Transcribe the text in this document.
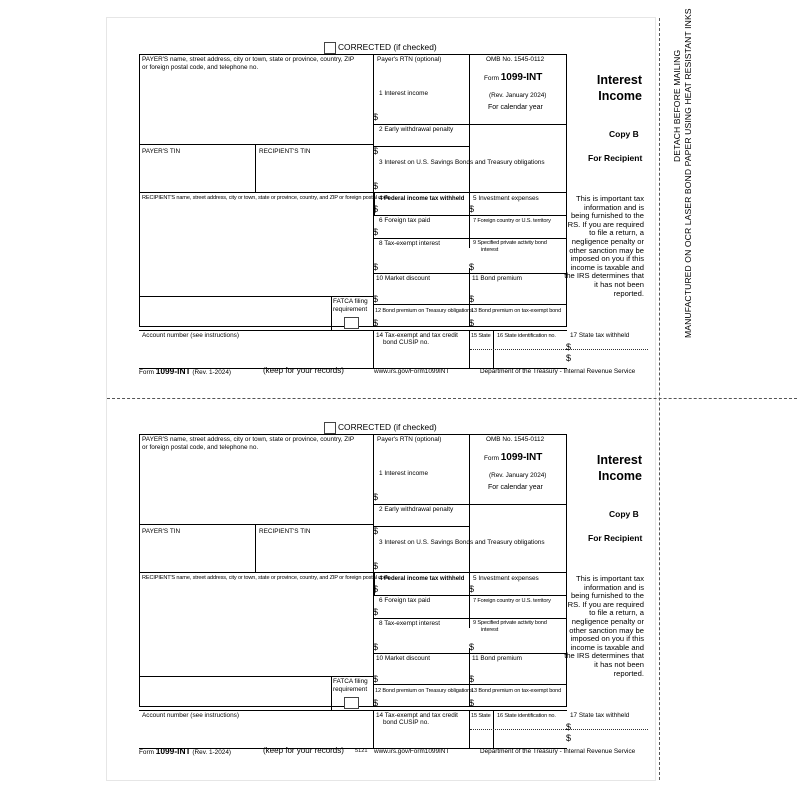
DETACH BEFORE MAILING MANUFACTURED ON OCR LASER BOND PAPER USING HEAT RESISTANT INKS
CORRECTED (if checked)
PAYER'S name, street address, city or town, state or province, country, ZIP
or foreign postal code, and telephone no.
Payer's RTN (optional)	OMB No. 1545-0112
Form 1099-INT
(Rev. January 2024)
For calendar year
Interest
Income
1 Interest income
$
2 Early withdrawal penalty
$
Copy B
For Recipient
PAYER'S TIN	RECIPIENT'S TIN
3 Interest on U.S. Savings Bonds and Treasury obligations
$
RECIPIENT'S name, street address, city or town, state or province, country, and ZIP or foreign postal code
4 Federal income tax withheld
$
5 Investment expenses
$
6 Foreign tax paid
$
7 Foreign country or U.S. territory
8 Tax-exempt interest
$
9 Specified private activity bond
interest
$
10 Market discount
$
11 Bond premium
$
FATCA filing
requirement 12 Bond premium on Treasury obligations
$
13 Bond premium on tax-exempt bond
$
Account number (see instructions)	14 Tax-exempt and tax credit
bond CUSIP no.
15 State 16 State identification no. 17 State tax withheld
$
$
This is important tax information and is being furnished to the IRS. If you are required to file a return, a negligence penalty or other sanction may be imposed on you if this income is taxable and the IRS determines that it has not been reported.
Form 1099-INT (Rev. 1-2024)	(keep for your records)	www.irs.gov/Form1099INT	Department of the Treasury - Internal Revenue Service
CORRECTED (if checked)
PAYER'S name, street address, city or town, state or province, country, ZIP
or foreign postal code, and telephone no.
Payer's RTN (optional)	OMB No. 1545-0112
Form 1099-INT
(Rev. January 2024)
For calendar year
Interest
Income
1 Interest income
$
2 Early withdrawal penalty
$
Copy B
For Recipient
PAYER'S TIN	RECIPIENT'S TIN
3 Interest on U.S. Savings Bonds and Treasury obligations
$
RECIPIENT'S name, street address, city or town, state or province, country, and ZIP or foreign postal code
4 Federal income tax withheld
$
5 Investment expenses
$
6 Foreign tax paid
$
7 Foreign country or U.S. territory
8 Tax-exempt interest
$
9 Specified private activity bond
interest
$
10 Market discount
$
11 Bond premium
$
FATCA filing
requirement 12 Bond premium on Treasury obligations
$
13 Bond premium on tax-exempt bond
$
Account number (see instructions)	14 Tax-exempt and tax credit
bond CUSIP no.
15 State 16 State identification no. 17 State tax withheld
$
$
This is important tax information and is being furnished to the IRS. If you are required to file a return, a negligence penalty or other sanction may be imposed on you if this income is taxable and the IRS determines that it has not been reported.
Form 1099-INT (Rev. 1-2024)	(keep for your records) 5121 www.irs.gov/Form1099INT	Department of the Treasury - Internal Revenue Service
